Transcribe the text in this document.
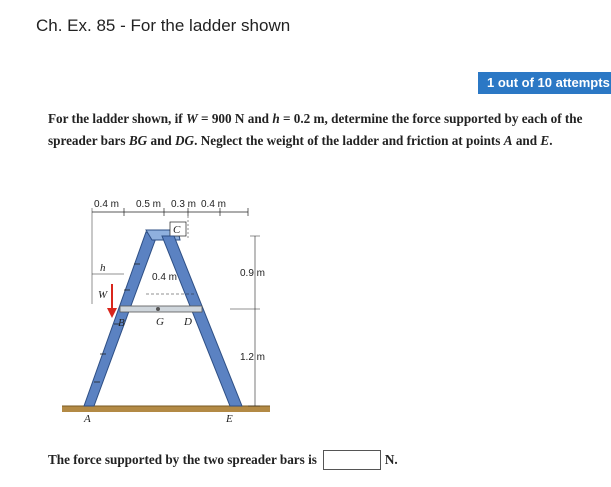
Ch. Ex. 85 - For the ladder shown
1 out of 10 attempts
For the ladder shown, if W = 900 N and h = 0.2 m, determine the force supported by each of the spreader bars BG and DG. Neglect the weight of the ladder and friction at points A and E.
0.4 m 0.5 m 0.3 m 0.4 m
h
W
0.4 m
B	G D
C
A	E
0.9 m
1.2 m
The force supported by the two spreader bars is	N.
